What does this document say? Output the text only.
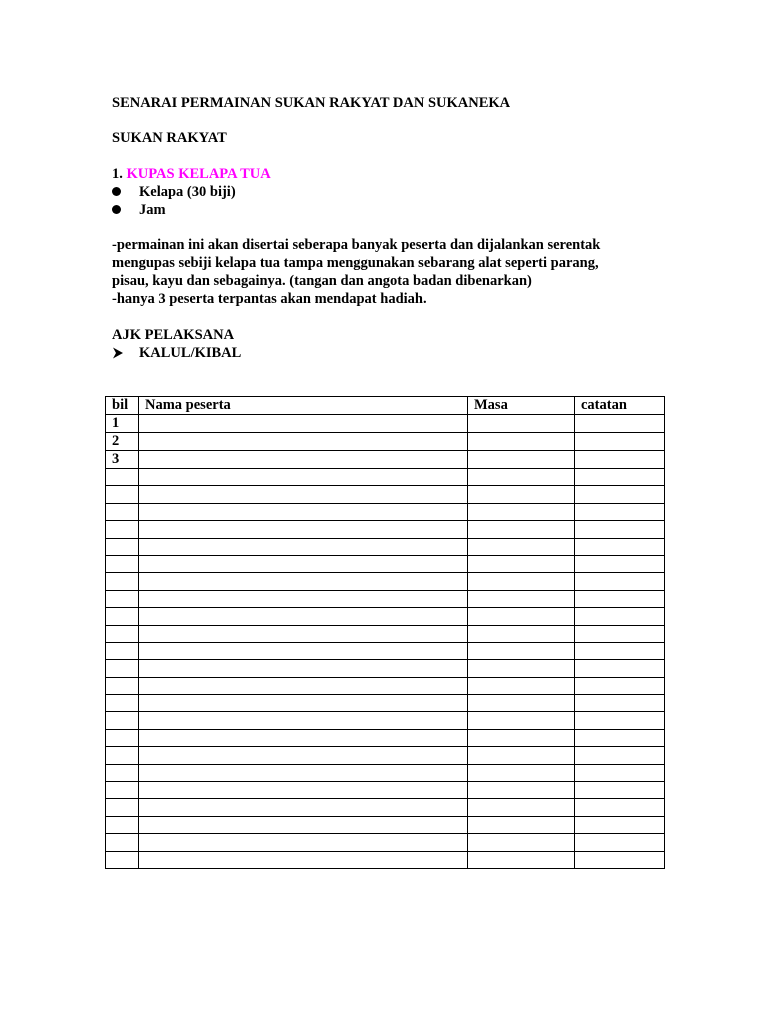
SENARAI PERMAINAN SUKAN RAKYAT DAN SUKANEKA
SUKAN RAKYAT
1. KUPAS KELAPA TUA
Kelapa (30 biji)
Jam
-permainan ini akan disertai seberapa banyak peserta dan dijalankan serentak
mengupas sebiji kelapa tua tampa menggunakan sebarang alat seperti parang,
pisau, kayu dan sebagainya. (tangan dan angota badan dibenarkan)
-hanya 3 peserta terpantas akan mendapat hadiah.
AJK PELAKSANA
KALUL/KIBAL
bil	Nama peserta	Masa	catatan
1			
2			
3			
